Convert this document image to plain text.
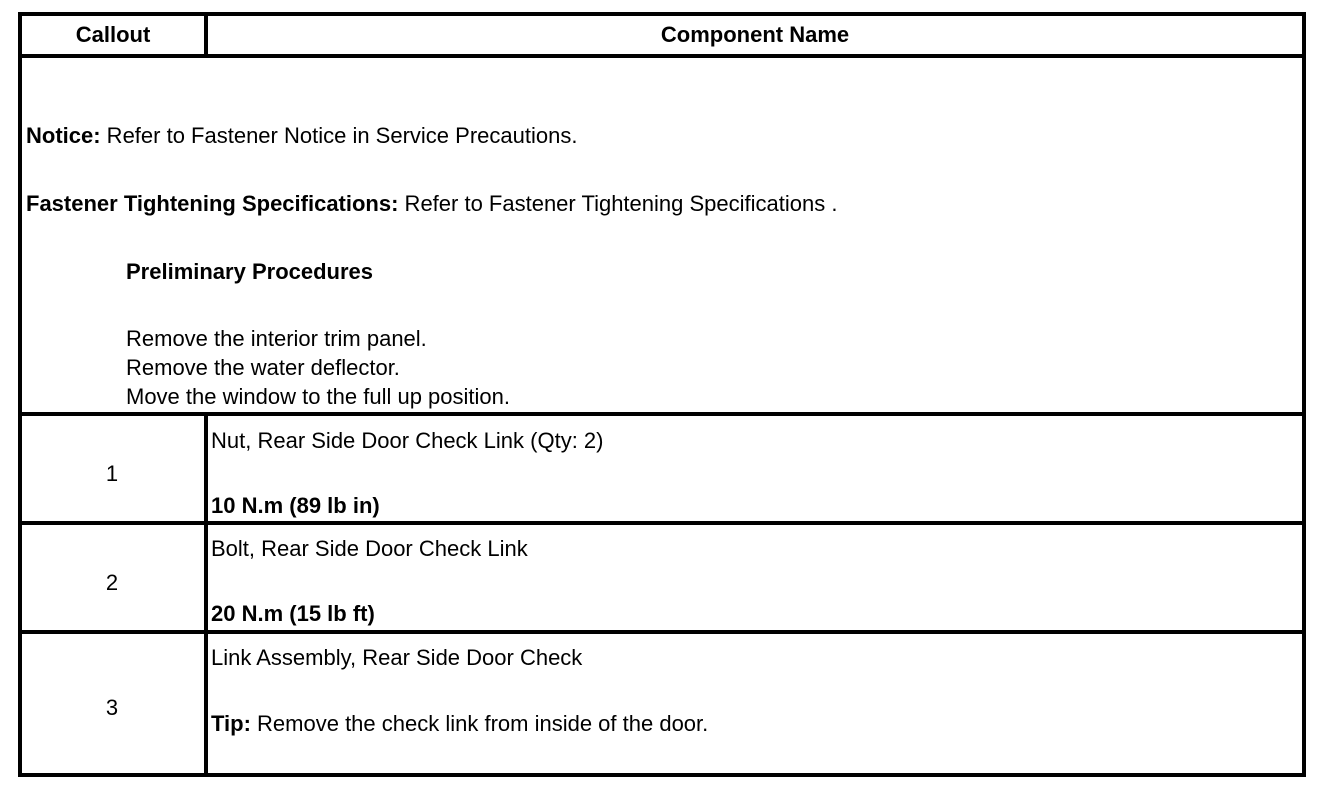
Callout	Component Name
Notice: Refer to Fastener Notice in Service Precautions.
Fastener Tightening Specifications: Refer to Fastener Tightening Specifications .
Preliminary Procedures
Remove the interior trim panel.
Remove the water deflector.
Move the window to the full up position.
1
Nut, Rear Side Door Check Link (Qty: 2)
10 N.m (89 lb in)
2
Bolt, Rear Side Door Check Link
20 N.m (15 lb ft)
3
Link Assembly, Rear Side Door Check
Tip: Remove the check link from inside of the door.
